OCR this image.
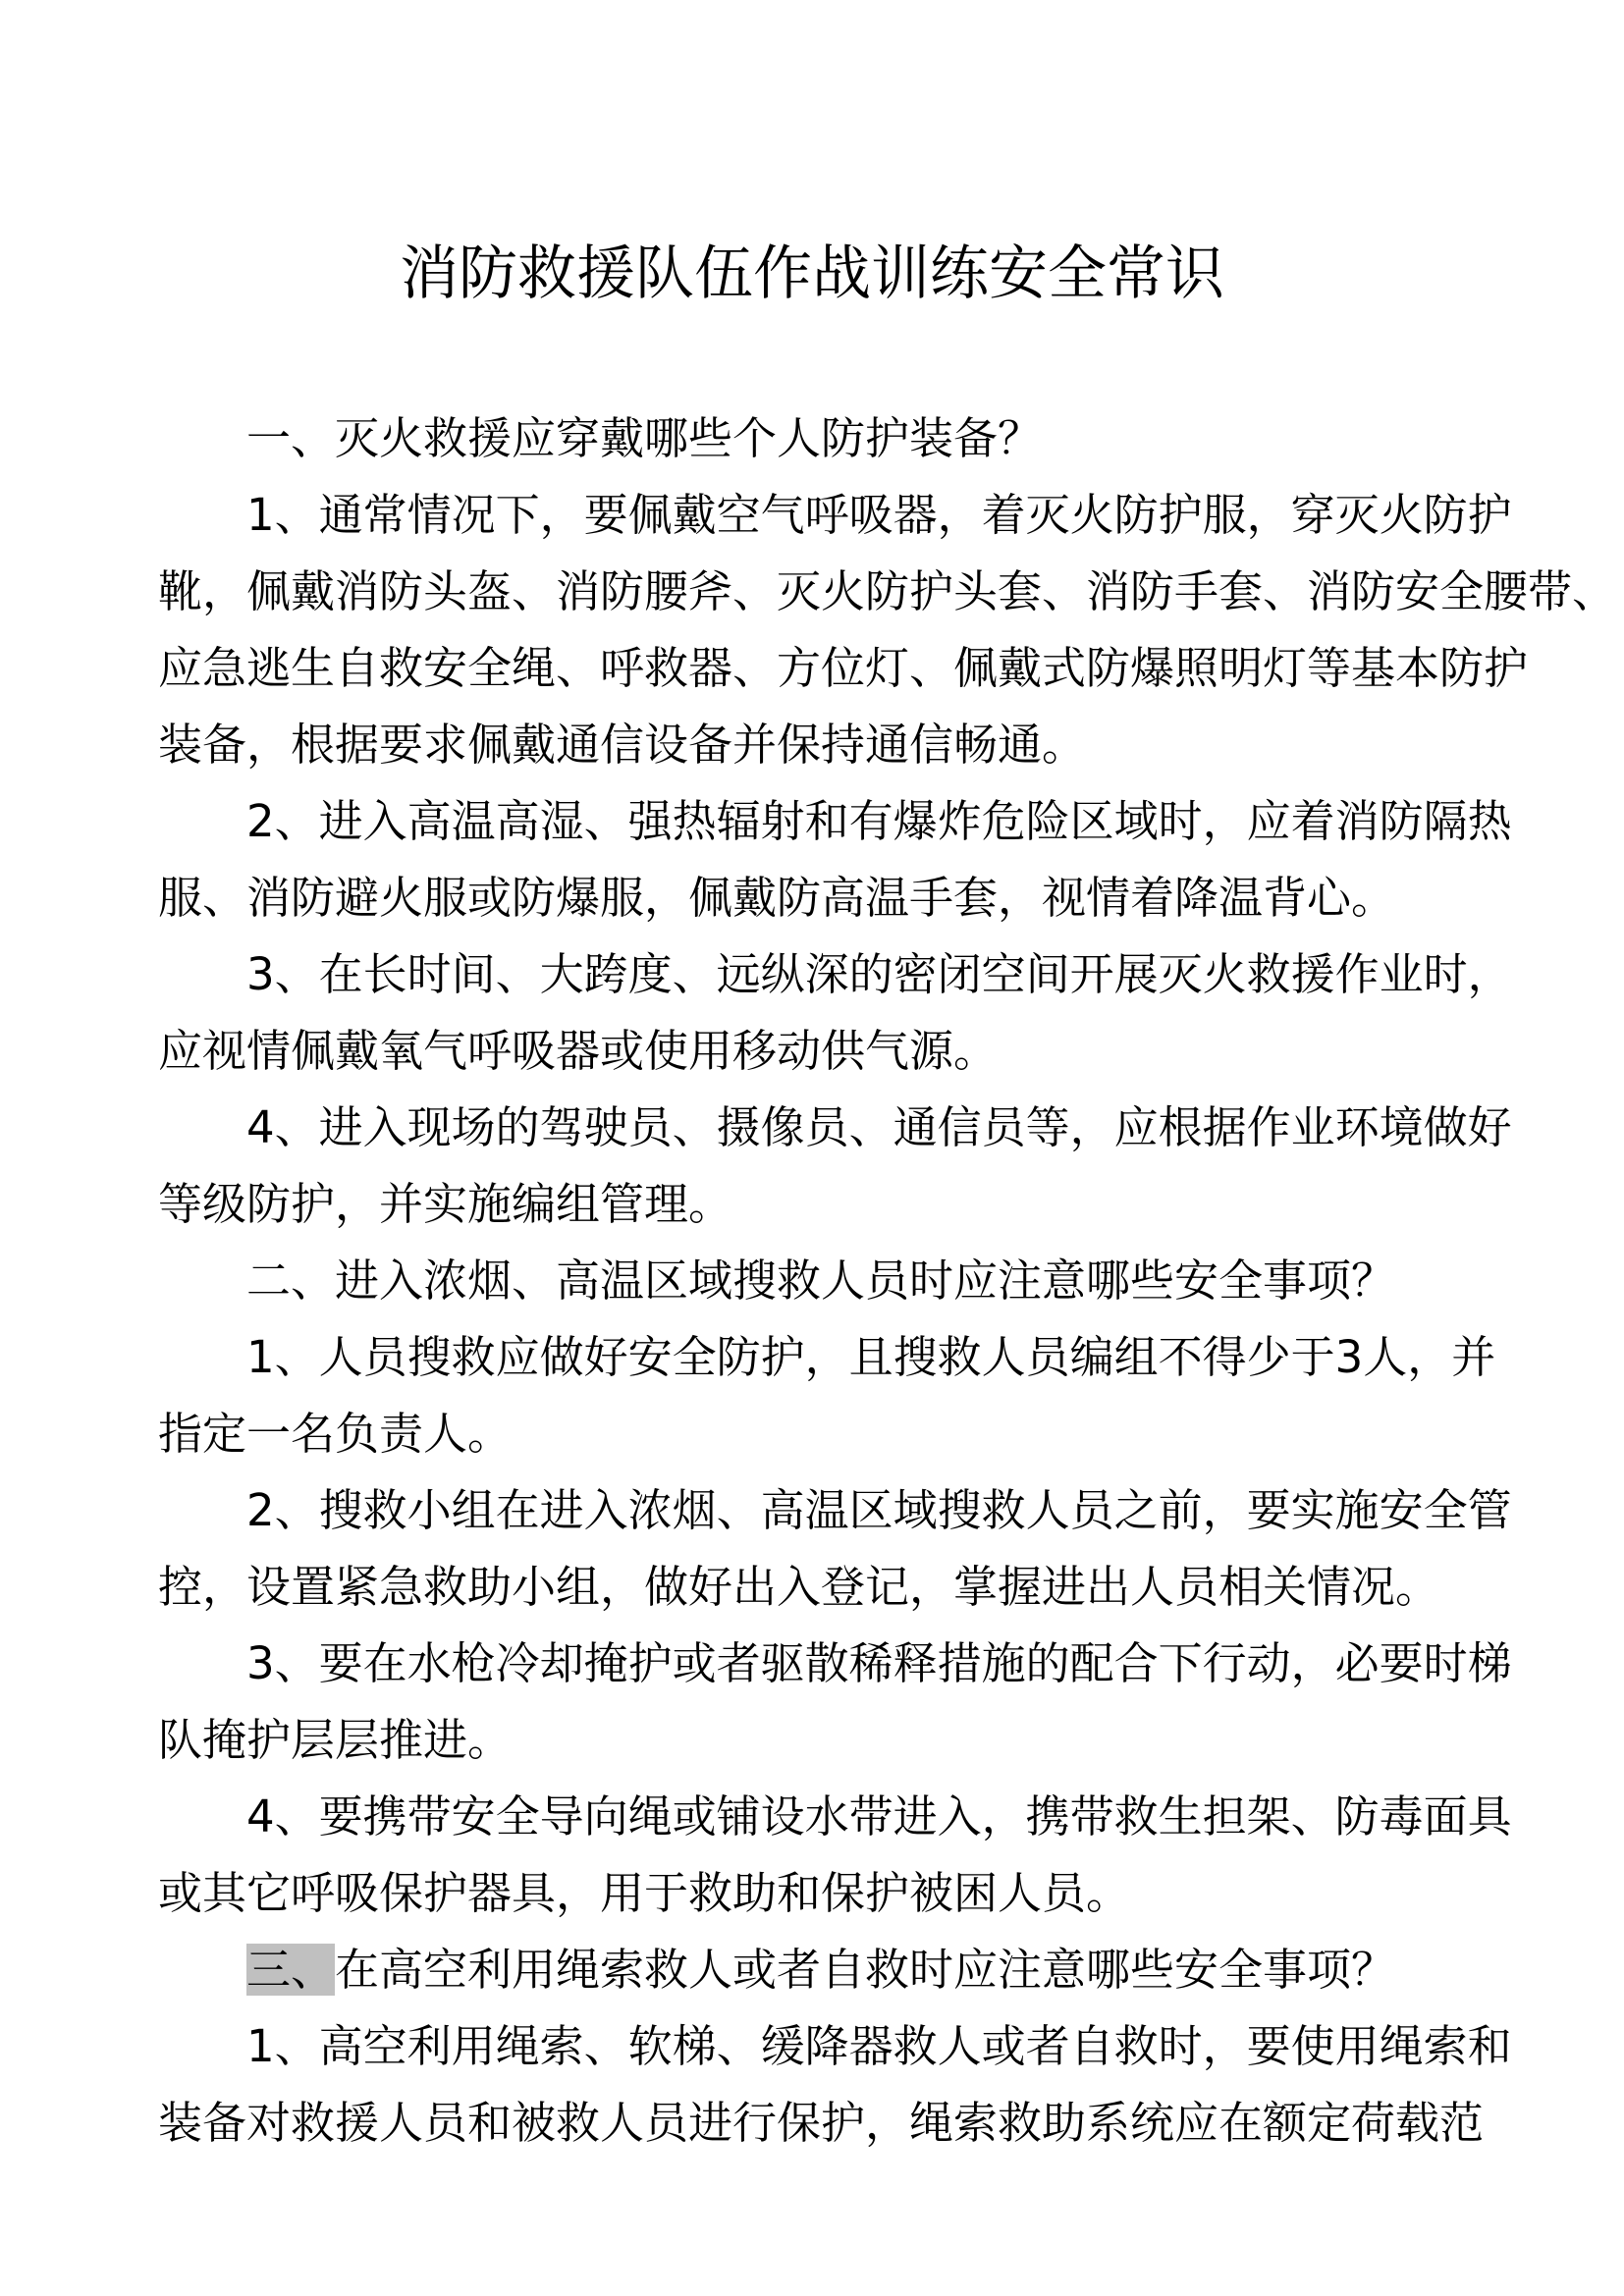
消防救援队伍作战训练安全常识
一、灭火救援应穿戴哪些个人防护装备？
1、通常情况下，要佩戴空气呼吸器，着灭火防护服，穿灭火防护
靴，佩戴消防头盔、消防腰斧、灭火防护头套、消防手套、消防安全腰带、
应急逃生自救安全绳、呼救器、方位灯、佩戴式防爆照明灯等基本防护
装备，根据要求佩戴通信设备并保持通信畅通。
2、进入高温高湿、强热辐射和有爆炸危险区域时，应着消防隔热
服、消防避火服或防爆服，佩戴防高温手套，视情着降温背心。
3、在长时间、大跨度、远纵深的密闭空间开展灭火救援作业时，
应视情佩戴氧气呼吸器或使用移动供气源。
4、进入现场的驾驶员、摄像员、通信员等，应根据作业环境做好
等级防护，并实施编组管理。
二、进入浓烟、高温区域搜救人员时应注意哪些安全事项？
1、人员搜救应做好安全防护，且搜救人员编组不得少于3人，并
指定一名负责人。
2、搜救小组在进入浓烟、高温区域搜救人员之前，要实施安全管
控，设置紧急救助小组，做好出入登记，掌握进出人员相关情况。
3、要在水枪冷却掩护或者驱散稀释措施的配合下行动，必要时梯
队掩护层层推进。
4、要携带安全导向绳或铺设水带进入，携带救生担架、防毒面具
或其它呼吸保护器具，用于救助和保护被困人员。
三、在高空利用绳索救人或者自救时应注意哪些安全事项？
1、高空利用绳索、软梯、缓降器救人或者自救时，要使用绳索和
装备对救援人员和被救人员进行保护，绳索救助系统应在额定荷载范
